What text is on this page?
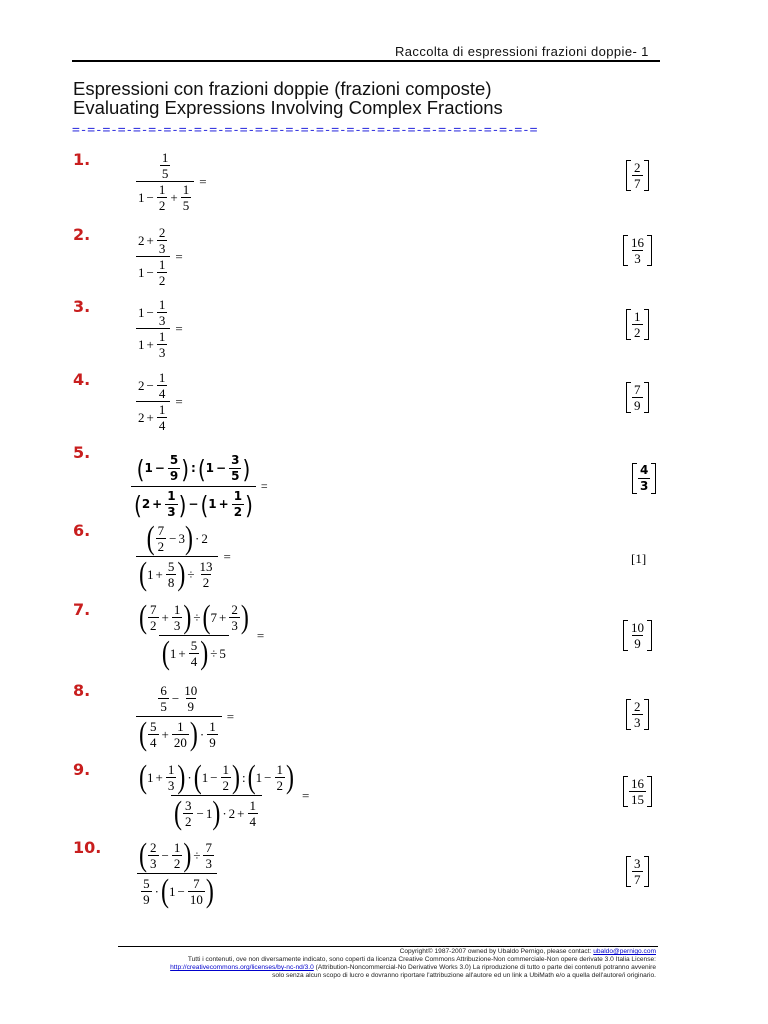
Raccolta di espressioni frazioni doppie- 1
Espressioni con frazioni doppie (frazioni composte)
Evaluating Expressions Involving Complex Fractions
=-=-=-=-=-=-=-=-=-=-=-=-=-=-=-=-=-=-=-=-=-=-=-=-=-=-=-=-=-=-=
1.	$\frac{\frac{1}{5}}{1 - \frac{1}{2} + \frac{1}{5}}$ =	$\frac{2}{7}$
2.	$\frac{2 + \frac{2}{3}}{1 - \frac{1}{2}}$ =	$\frac{16}{3}$
3.	$\frac{1 - \frac{1}{3}}{1 + \frac{1}{3}}$ =	$\frac{1}{2}$
4.	$\frac{2 - \frac{1}{4}}{2 + \frac{1}{4}}$ =	$\frac{7}{9}$
5. $\frac{( 1 - \frac{5}{9} ) : ( 1 - \frac{3}{5} )}{( 2 + \frac{1}{3} ) - ( 1 + \frac{1}{2} )}$ =	$\frac{4}{3}$
6. $\frac{( \frac{7}{2} - 3 ) \cdot 2}{( 1 + \frac{5}{8} ) \div \frac{13}{2}}$ =	[1]
7. $\frac{( \frac{7}{2} + \frac{1}{3} ) \div ( 7 + \frac{2}{3} )}{( 1 + \frac{5}{4} ) \div 5}$ =	$\frac{10}{9}$
8.	$\frac{\frac{6}{5} - \frac{10}{9}}{( \frac{5}{4} + \frac{1}{20} ) \cdot \frac{1}{9}}$ =	$\frac{2}{3}$
9. $\frac{( 1 + \frac{1}{3} ) \cdot ( 1 - \frac{1}{2} ) : ( 1 - \frac{1}{2} )}{( \frac{3}{2} - 1 ) \cdot 2 + \frac{1}{4}}$ =	$\frac{16}{15}$
10. $\frac{( \frac{2}{3} - \frac{1}{2} ) \div \frac{7}{3}}{\frac{5}{9} \cdot ( 1 - \frac{7}{10} )}$	$\frac{3}{7}$
Copyright© 1987-2007 owned by Ubaldo Pernigo, please contact: ubaldo@pernigo.com
Tutti i contenuti, ove non diversamente indicato, sono coperti da licenza Creative Commons Attribuzione-Non commerciale-Non opere derivate 3.0 Italia License:
http://creativecommons.org/licenses/by-nc-nd/3.0 (Attribution-Noncommercial-No Derivative Works 3.0) La riproduzione di tutto o parte dei contenuti potranno avvenire
solo senza alcun scopo di lucro e dovranno riportare l'attribuzione all'autore ed un link a UbiMath e/o a quella dell'autore/i originario.
